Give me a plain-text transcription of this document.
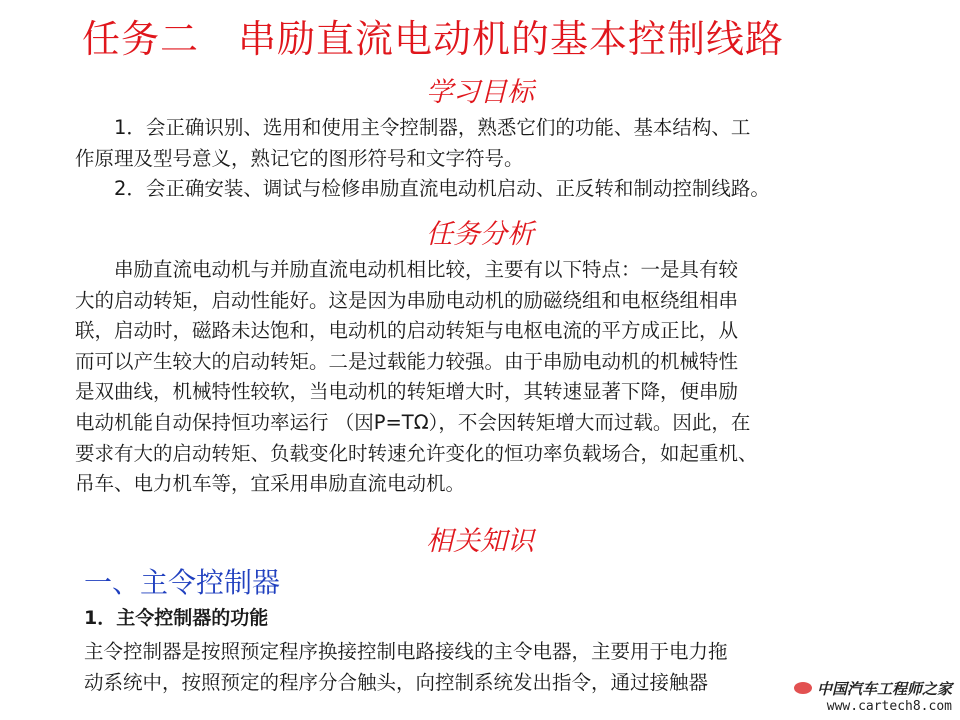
任务二　串励直流电动机的基本控制线路
学习目标
　　1．会正确识别、选用和使用主令控制器，熟悉它们的功能、基本结构、工
作原理及型号意义，熟记它的图形符号和文字符号。
　　2．会正确安装、调试与检修串励直流电动机启动、正反转和制动控制线路。
任务分析
　　串励直流电动机与并励直流电动机相比较，主要有以下特点：一是具有较
大的启动转矩，启动性能好。这是因为串励电动机的励磁绕组和电枢绕组相串
联，启动时，磁路未达饱和，电动机的启动转矩与电枢电流的平方成正比，从
而可以产生较大的启动转矩。二是过载能力较强。由于串励电动机的机械特性
是双曲线，机械特性较软，当电动机的转矩增大时，其转速显著下降，便串励
电动机能自动保持恒功率运行 （因P=TΩ），不会因转矩增大而过载。因此，在
要求有大的启动转矩、负载变化时转速允许变化的恒功率负载场合，如起重机、
吊车、电力机车等，宜采用串励直流电动机。
相关知识
一、主令控制器
1．主令控制器的功能
主令控制器是按照预定程序换接控制电路接线的主令电器，主要用于电力拖
动系统中，按照预定的程序分合触头，向控制系统发出指令，通过接触器	中国汽车工程师之家
www.cartech8.com
